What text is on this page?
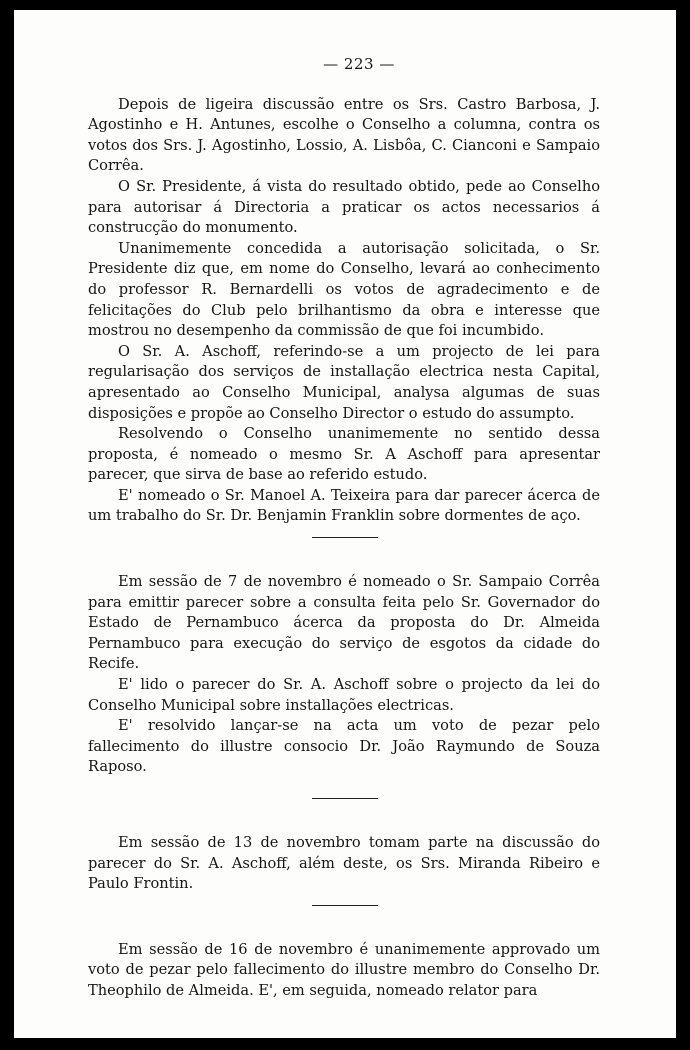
— 223 —

Depois de ligeira discussão entre os Srs. Castro Barbosa, J. Agostinho e H. Antunes, escolhe o Conselho a columna, contra os votos dos Srs. J. Agostinho, Lossio, A. Lisbôa, C. Cianconi e Sampaio Corrêa.

O Sr. Presidente, á vista do resultado obtido, pede ao Conselho para autorisar á Directoria a praticar os actos necessarios á construcção do monumento.

Unanimemente concedida a autorisação solicitada, o Sr. Presidente diz que, em nome do Conselho, levará ao conhecimento do professor R. Bernardelli os votos de agradecimento e de felicitações do Club pelo brilhantismo da obra e interesse que mostrou no desempenho da commissão de que foi incumbido.

O Sr. A. Aschoff, referindo-se a um projecto de lei para regularisação dos serviços de installação electrica nesta Capital, apresentado ao Conselho Municipal, analysa algumas de suas disposições e propõe ao Conselho Director o estudo do assumpto.

Resolvendo o Conselho unanimemente no sentido dessa proposta, é nomeado o mesmo Sr. A Aschoff para apresentar parecer, que sirva de base ao referido estudo.

E' nomeado o Sr. Manoel A. Teixeira para dar parecer ácerca de um trabalho do Sr. Dr. Benjamin Franklin sobre dormentes de aço.

Em sessão de 7 de novembro é nomeado o Sr. Sampaio Corrêa para emittir parecer sobre a consulta feita pelo Sr. Governador do Estado de Pernambuco ácerca da proposta do Dr. Almeida Pernambuco para execução do serviço de esgotos da cidade do Recife.

E' lido o parecer do Sr. A. Aschoff sobre o projecto da lei do Conselho Municipal sobre installações electricas.

E' resolvido lançar-se na acta um voto de pezar pelo fallecimento do illustre consocio Dr. João Raymundo de Souza Raposo.

Em sessão de 13 de novembro tomam parte na discussão do parecer do Sr. A. Aschoff, além deste, os Srs. Miranda Ribeiro e Paulo Frontin.

Em sessão de 16 de novembro é unanimemente approvado um voto de pezar pelo fallecimento do illustre membro do Conselho Dr. Theophilo de Almeida. E', em seguida, nomeado relator para
